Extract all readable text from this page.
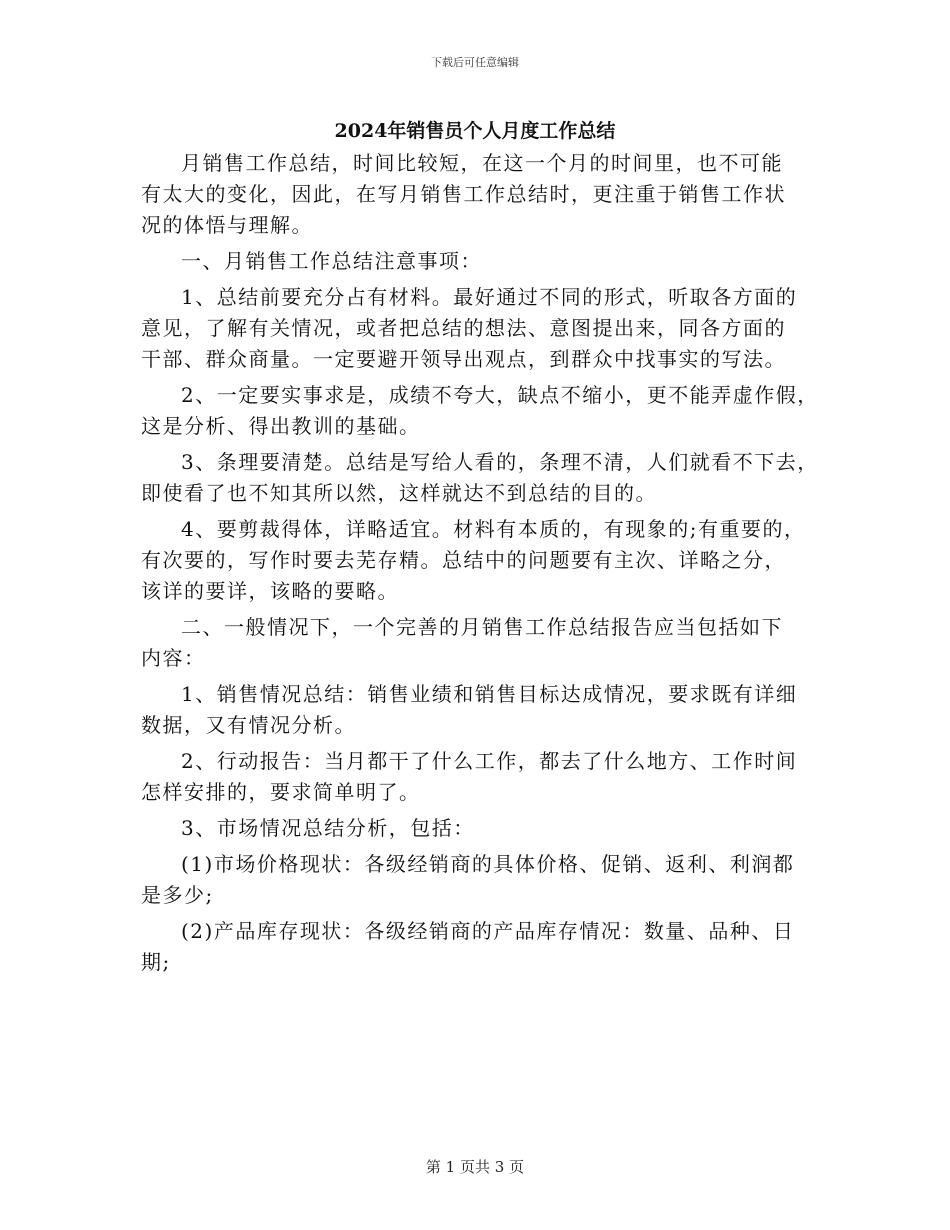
下载后可任意编辑
2024年销售员个人月度工作总结
月销售工作总结，时间比较短，在这一个月的时间里，也不可能
有太大的变化，因此，在写月销售工作总结时，更注重于销售工作状
况的体悟与理解。
一、月销售工作总结注意事项：
1、总结前要充分占有材料。最好通过不同的形式，听取各方面的
意见，了解有关情况，或者把总结的想法、意图提出来，同各方面的
干部、群众商量。一定要避开领导出观点，到群众中找事实的写法。
2、一定要实事求是，成绩不夸大，缺点不缩小，更不能弄虚作假，
这是分析、得出教训的基础。
3、条理要清楚。总结是写给人看的，条理不清，人们就看不下去，
即使看了也不知其所以然，这样就达不到总结的目的。
4、要剪裁得体，详略适宜。材料有本质的，有现象的;有重要的，
有次要的，写作时要去芜存精。总结中的问题要有主次、详略之分，
该详的要详，该略的要略。
二、一般情况下，一个完善的月销售工作总结报告应当包括如下
内容：
1、销售情况总结：销售业绩和销售目标达成情况，要求既有详细
数据，又有情况分析。
2、行动报告：当月都干了什么工作，都去了什么地方、工作时间
怎样安排的，要求简单明了。
3、市场情况总结分析，包括：
(1)市场价格现状：各级经销商的具体价格、促销、返利、利润都
是多少;
(2)产品库存现状：各级经销商的产品库存情况：数量、品种、日
期;
第 1 页共 3 页
